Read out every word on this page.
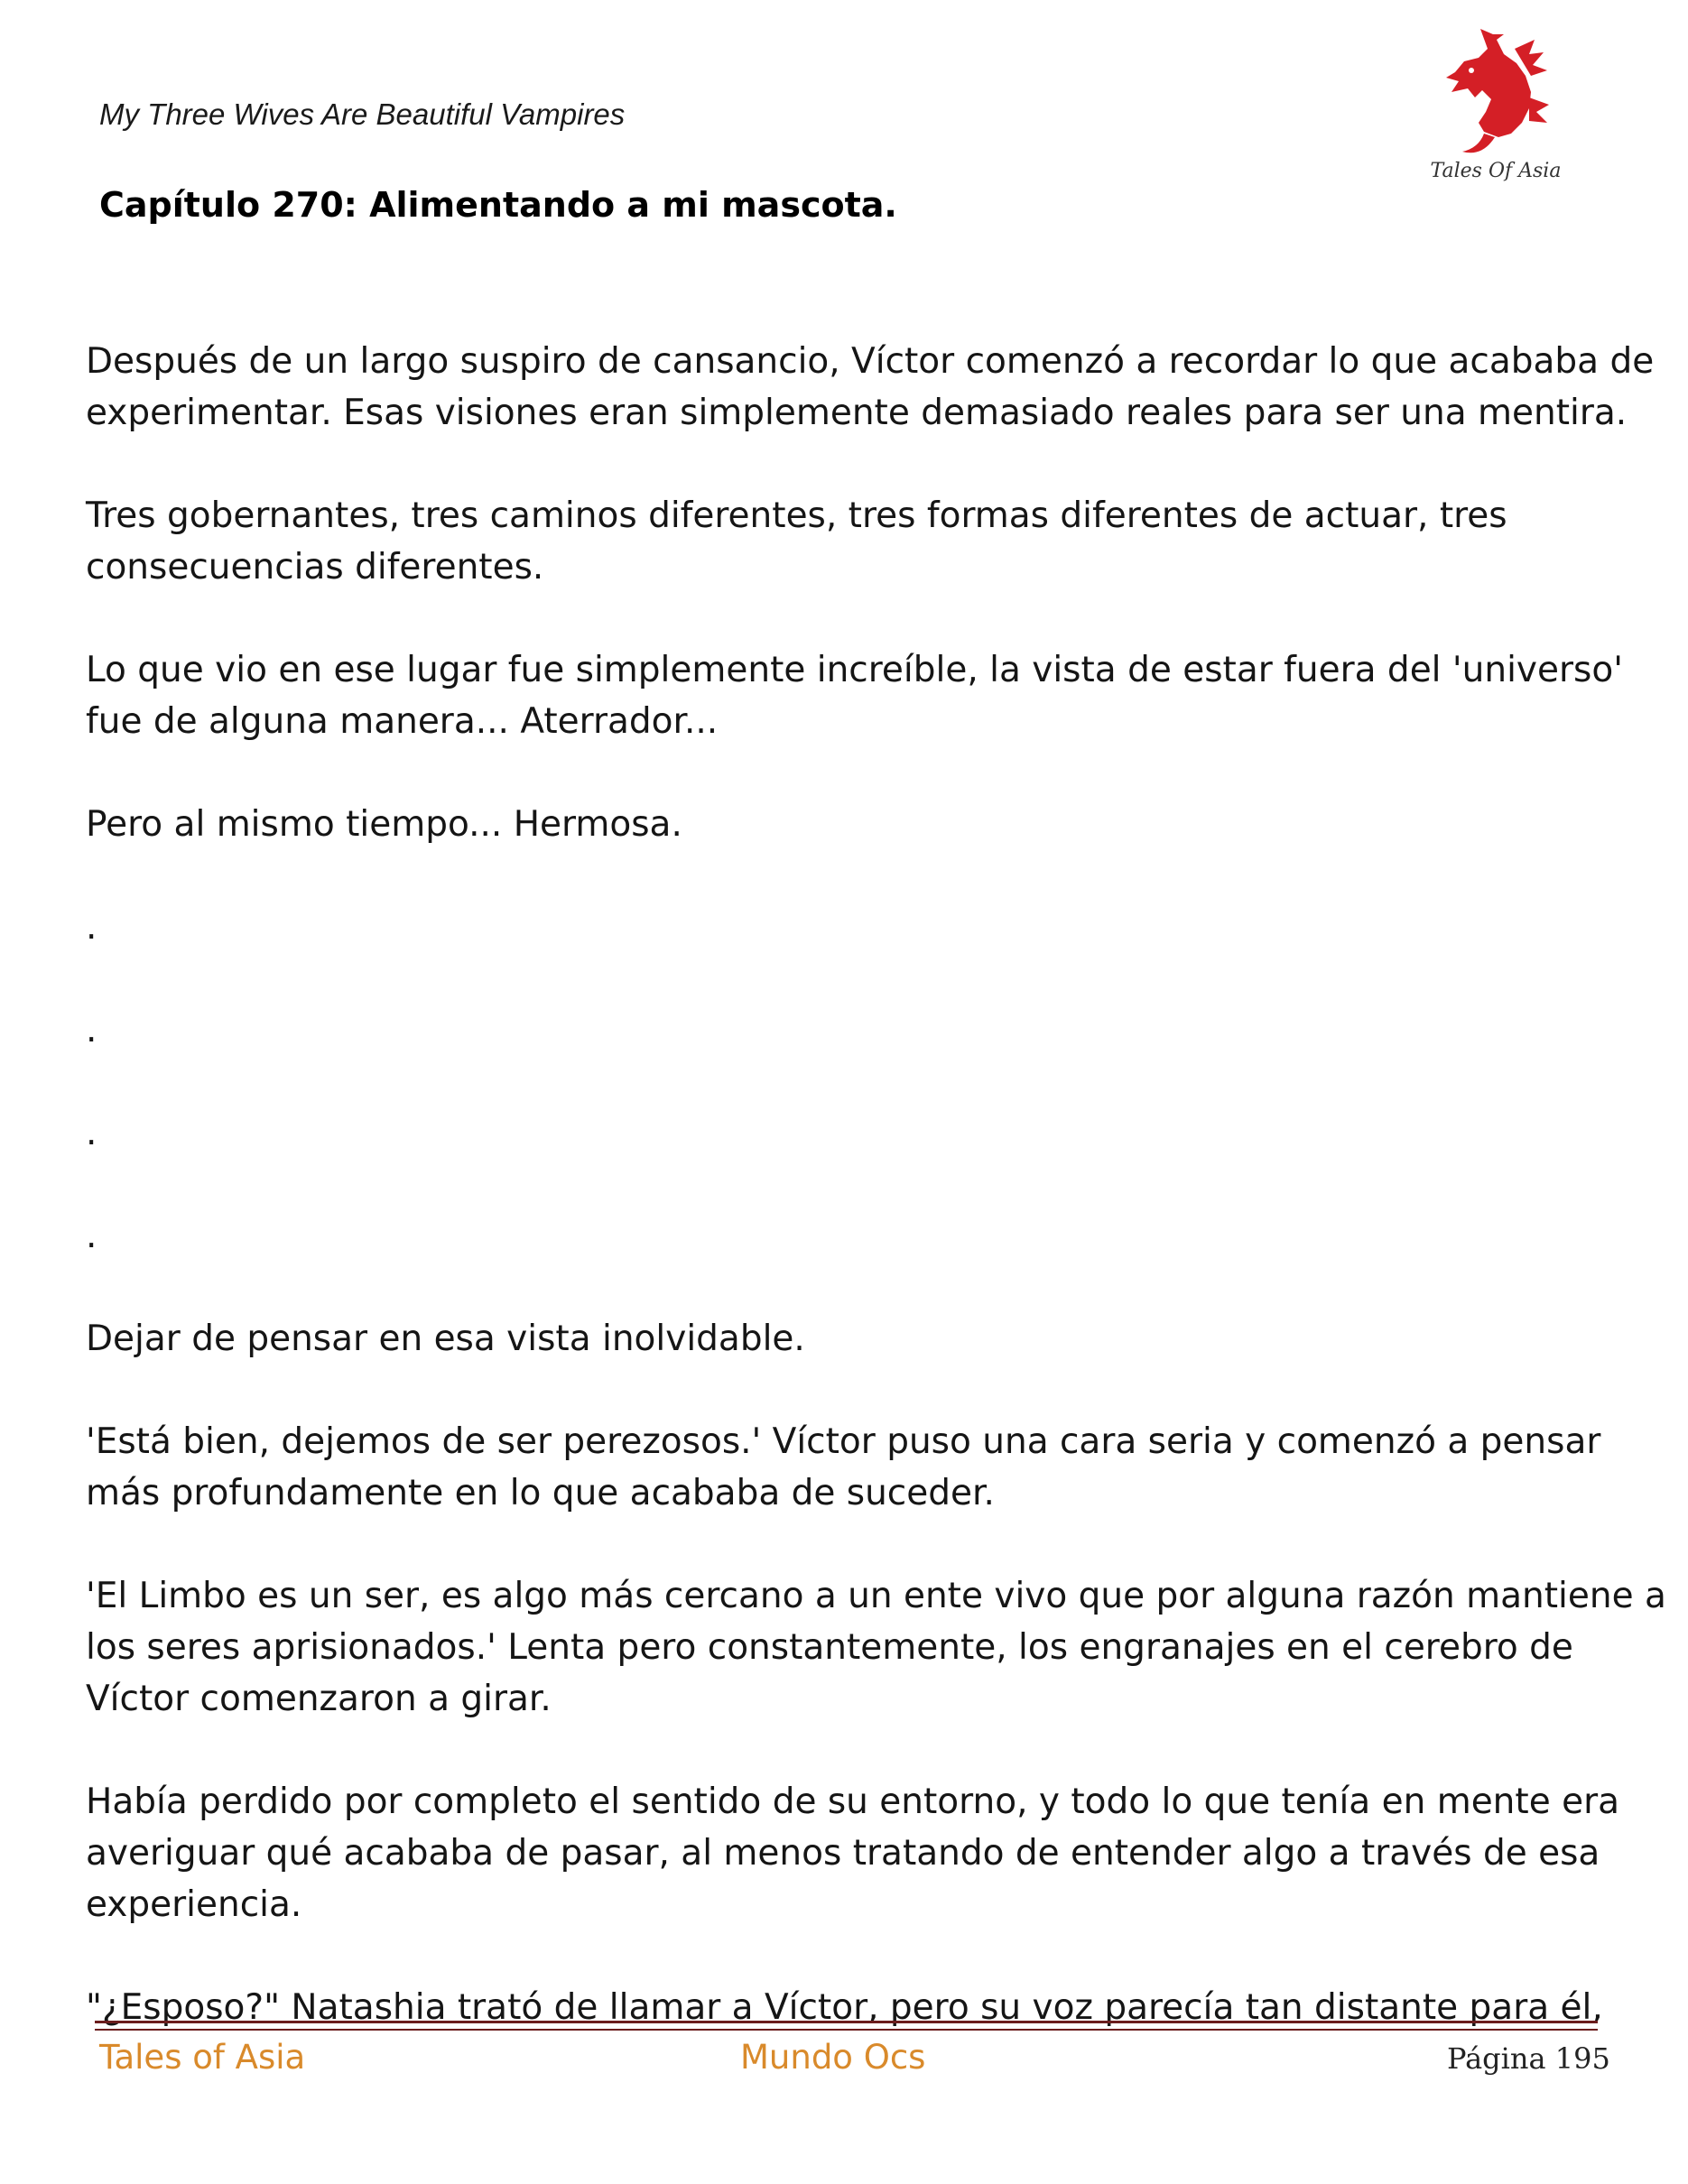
My Three Wives Are Beautiful Vampires
Tales Of Asia
Capítulo 270: Alimentando a mi mascota.
Después de un largo suspiro de cansancio, Víctor comenzó a recordar lo que acababa de
experimentar. Esas visiones eran simplemente demasiado reales para ser una mentira.
Tres gobernantes, tres caminos diferentes, tres formas diferentes de actuar, tres
consecuencias diferentes.
Lo que vio en ese lugar fue simplemente increíble, la vista de estar fuera del 'universo'
fue de alguna manera... Aterrador...
Pero al mismo tiempo... Hermosa.
.
.
.
.
Dejar de pensar en esa vista inolvidable.
'Está bien, dejemos de ser perezosos.' Víctor puso una cara seria y comenzó a pensar
más profundamente en lo que acababa de suceder.
'El Limbo es un ser, es algo más cercano a un ente vivo que por alguna razón mantiene a
los seres aprisionados.' Lenta pero constantemente, los engranajes en el cerebro de
Víctor comenzaron a girar.
Había perdido por completo el sentido de su entorno, y todo lo que tenía en mente era
averiguar qué acababa de pasar, al menos tratando de entender algo a través de esa
experiencia.
"¿Esposo?" Natashia trató de llamar a Víctor, pero su voz parecía tan distante para él,
Tales of Asia	Mundo Ocs	Página 195
